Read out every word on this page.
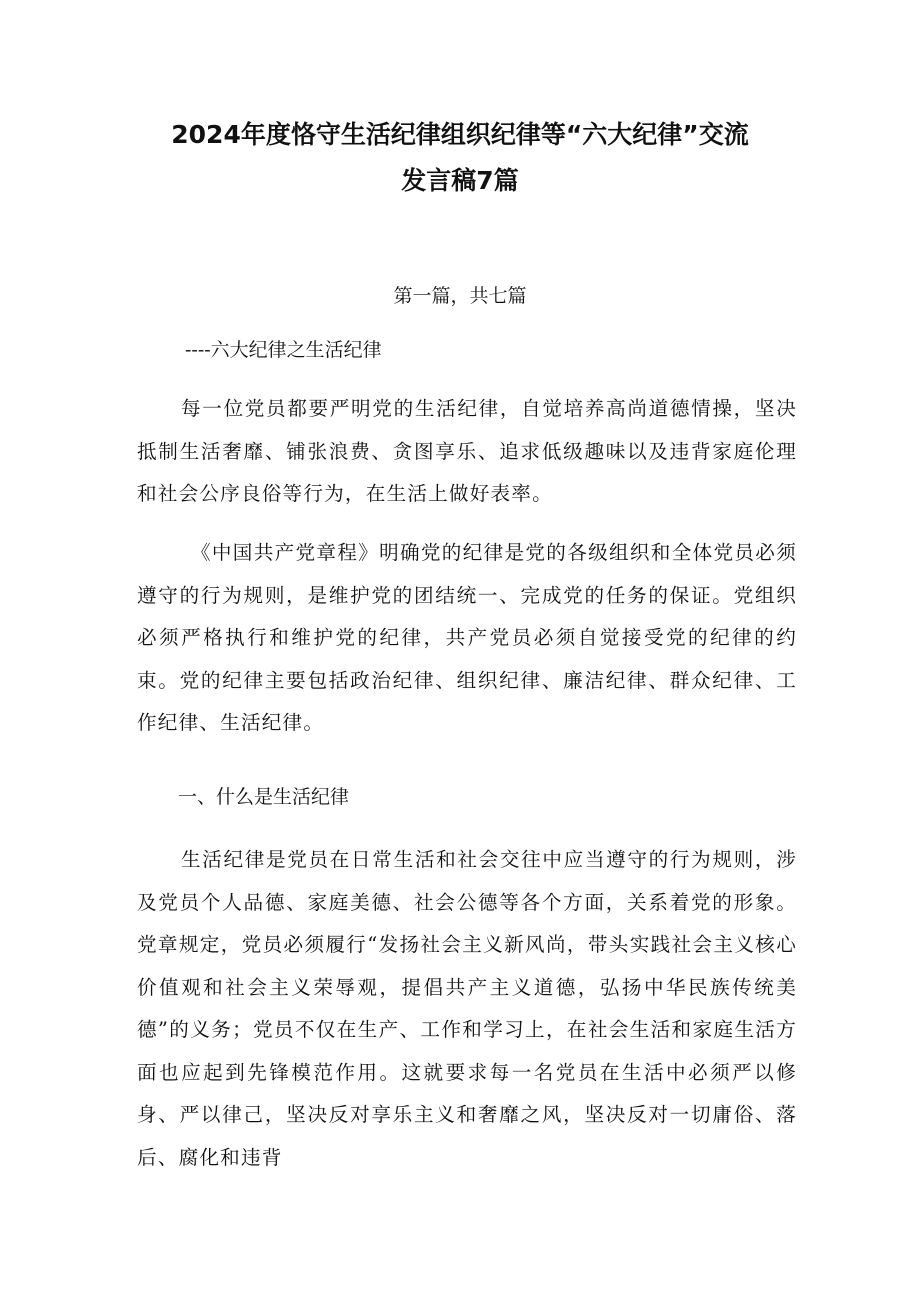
2024年度恪守生活纪律组织纪律等“六大纪律”交流
发言稿7篇
第一篇，共七篇
----六大纪律之生活纪律

每一位党员都要严明党的生活纪律，自觉培养高尚道德情操，坚决抵制生活奢靡、铺张浪费、贪图享乐、追求低级趣味以及违背家庭伦理和社会公序良俗等行为，在生活上做好表率。

《中国共产党章程》明确党的纪律是党的各级组织和全体党员必须遵守的行为规则，是维护党的团结统一、完成党的任务的保证。党组织必须严格执行和维护党的纪律，共产党员必须自觉接受党的纪律的约束。党的纪律主要包括政治纪律、组织纪律、廉洁纪律、群众纪律、工作纪律、生活纪律。

一、什么是生活纪律

生活纪律是党员在日常生活和社会交往中应当遵守的行为规则，涉及党员个人品德、家庭美德、社会公德等各个方面，关系着党的形象。党章规定，党员必须履行“发扬社会主义新风尚，带头实践社会主义核心价值观和社会主义荣辱观，提倡共产主义道德，弘扬中华民族传统美德”的义务；党员不仅在生产、工作和学习上，在社会生活和家庭生活方面也应起到先锋模范作用。这就要求每一名党员在生活中必须严以修身、严以律己，坚决反对享乐主义和奢靡之风，坚决反对一切庸俗、落后、腐化和违背
